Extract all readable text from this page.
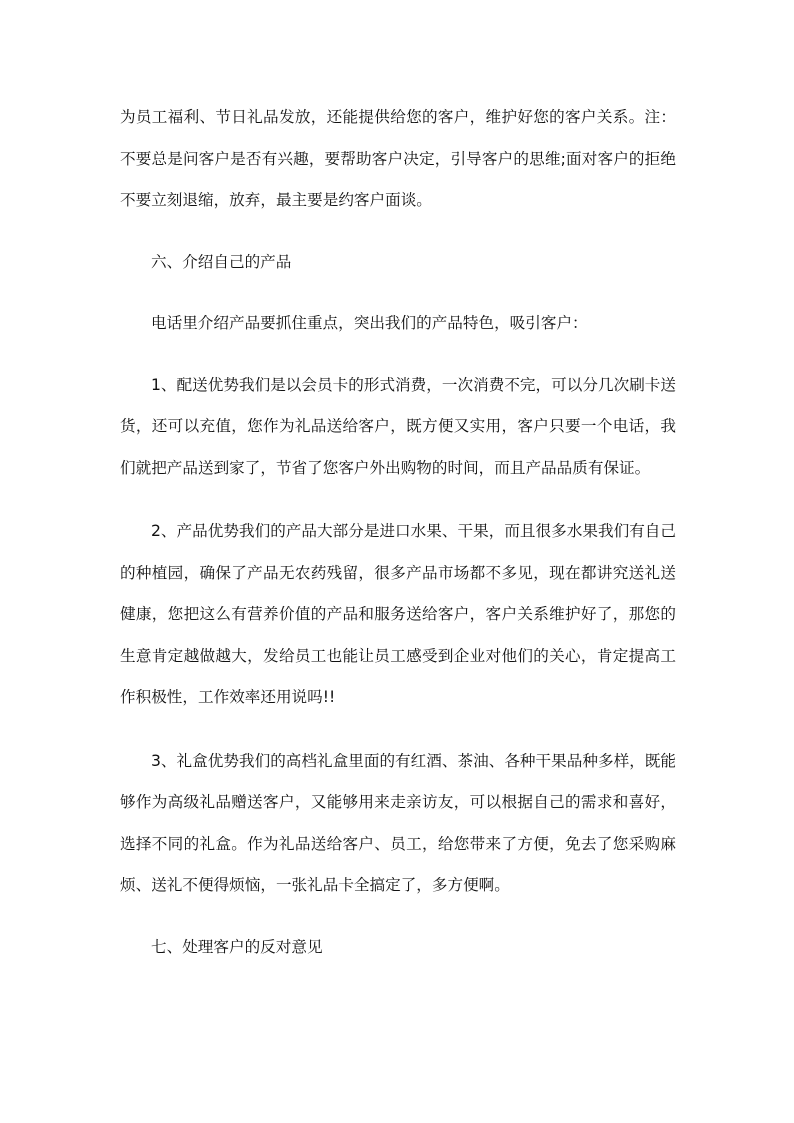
为员工福利、节日礼品发放，还能提供给您的客户，维护好您的客户关系。注：不要总是问客户是否有兴趣，要帮助客户决定，引导客户的思维;面对客户的拒绝不要立刻退缩，放弃，最主要是约客户面谈。

六、介绍自己的产品

电话里介绍产品要抓住重点，突出我们的产品特色，吸引客户：

1、配送优势我们是以会员卡的形式消费，一次消费不完，可以分几次刷卡送货，还可以充值，您作为礼品送给客户，既方便又实用，客户只要一个电话，我们就把产品送到家了，节省了您客户外出购物的时间，而且产品品质有保证。

2、产品优势我们的产品大部分是进口水果、干果，而且很多水果我们有自己的种植园，确保了产品无农药残留，很多产品市场都不多见，现在都讲究送礼送健康，您把这么有营养价值的产品和服务送给客户，客户关系维护好了，那您的生意肯定越做越大，发给员工也能让员工感受到企业对他们的关心，肯定提高工作积极性，工作效率还用说吗!!

3、礼盒优势我们的高档礼盒里面的有红酒、茶油、各种干果品种多样，既能够作为高级礼品赠送客户，又能够用来走亲访友，可以根据自己的需求和喜好，选择不同的礼盒。作为礼品送给客户、员工，给您带来了方便，免去了您采购麻烦、送礼不便得烦恼，一张礼品卡全搞定了，多方便啊。

七、处理客户的反对意见
